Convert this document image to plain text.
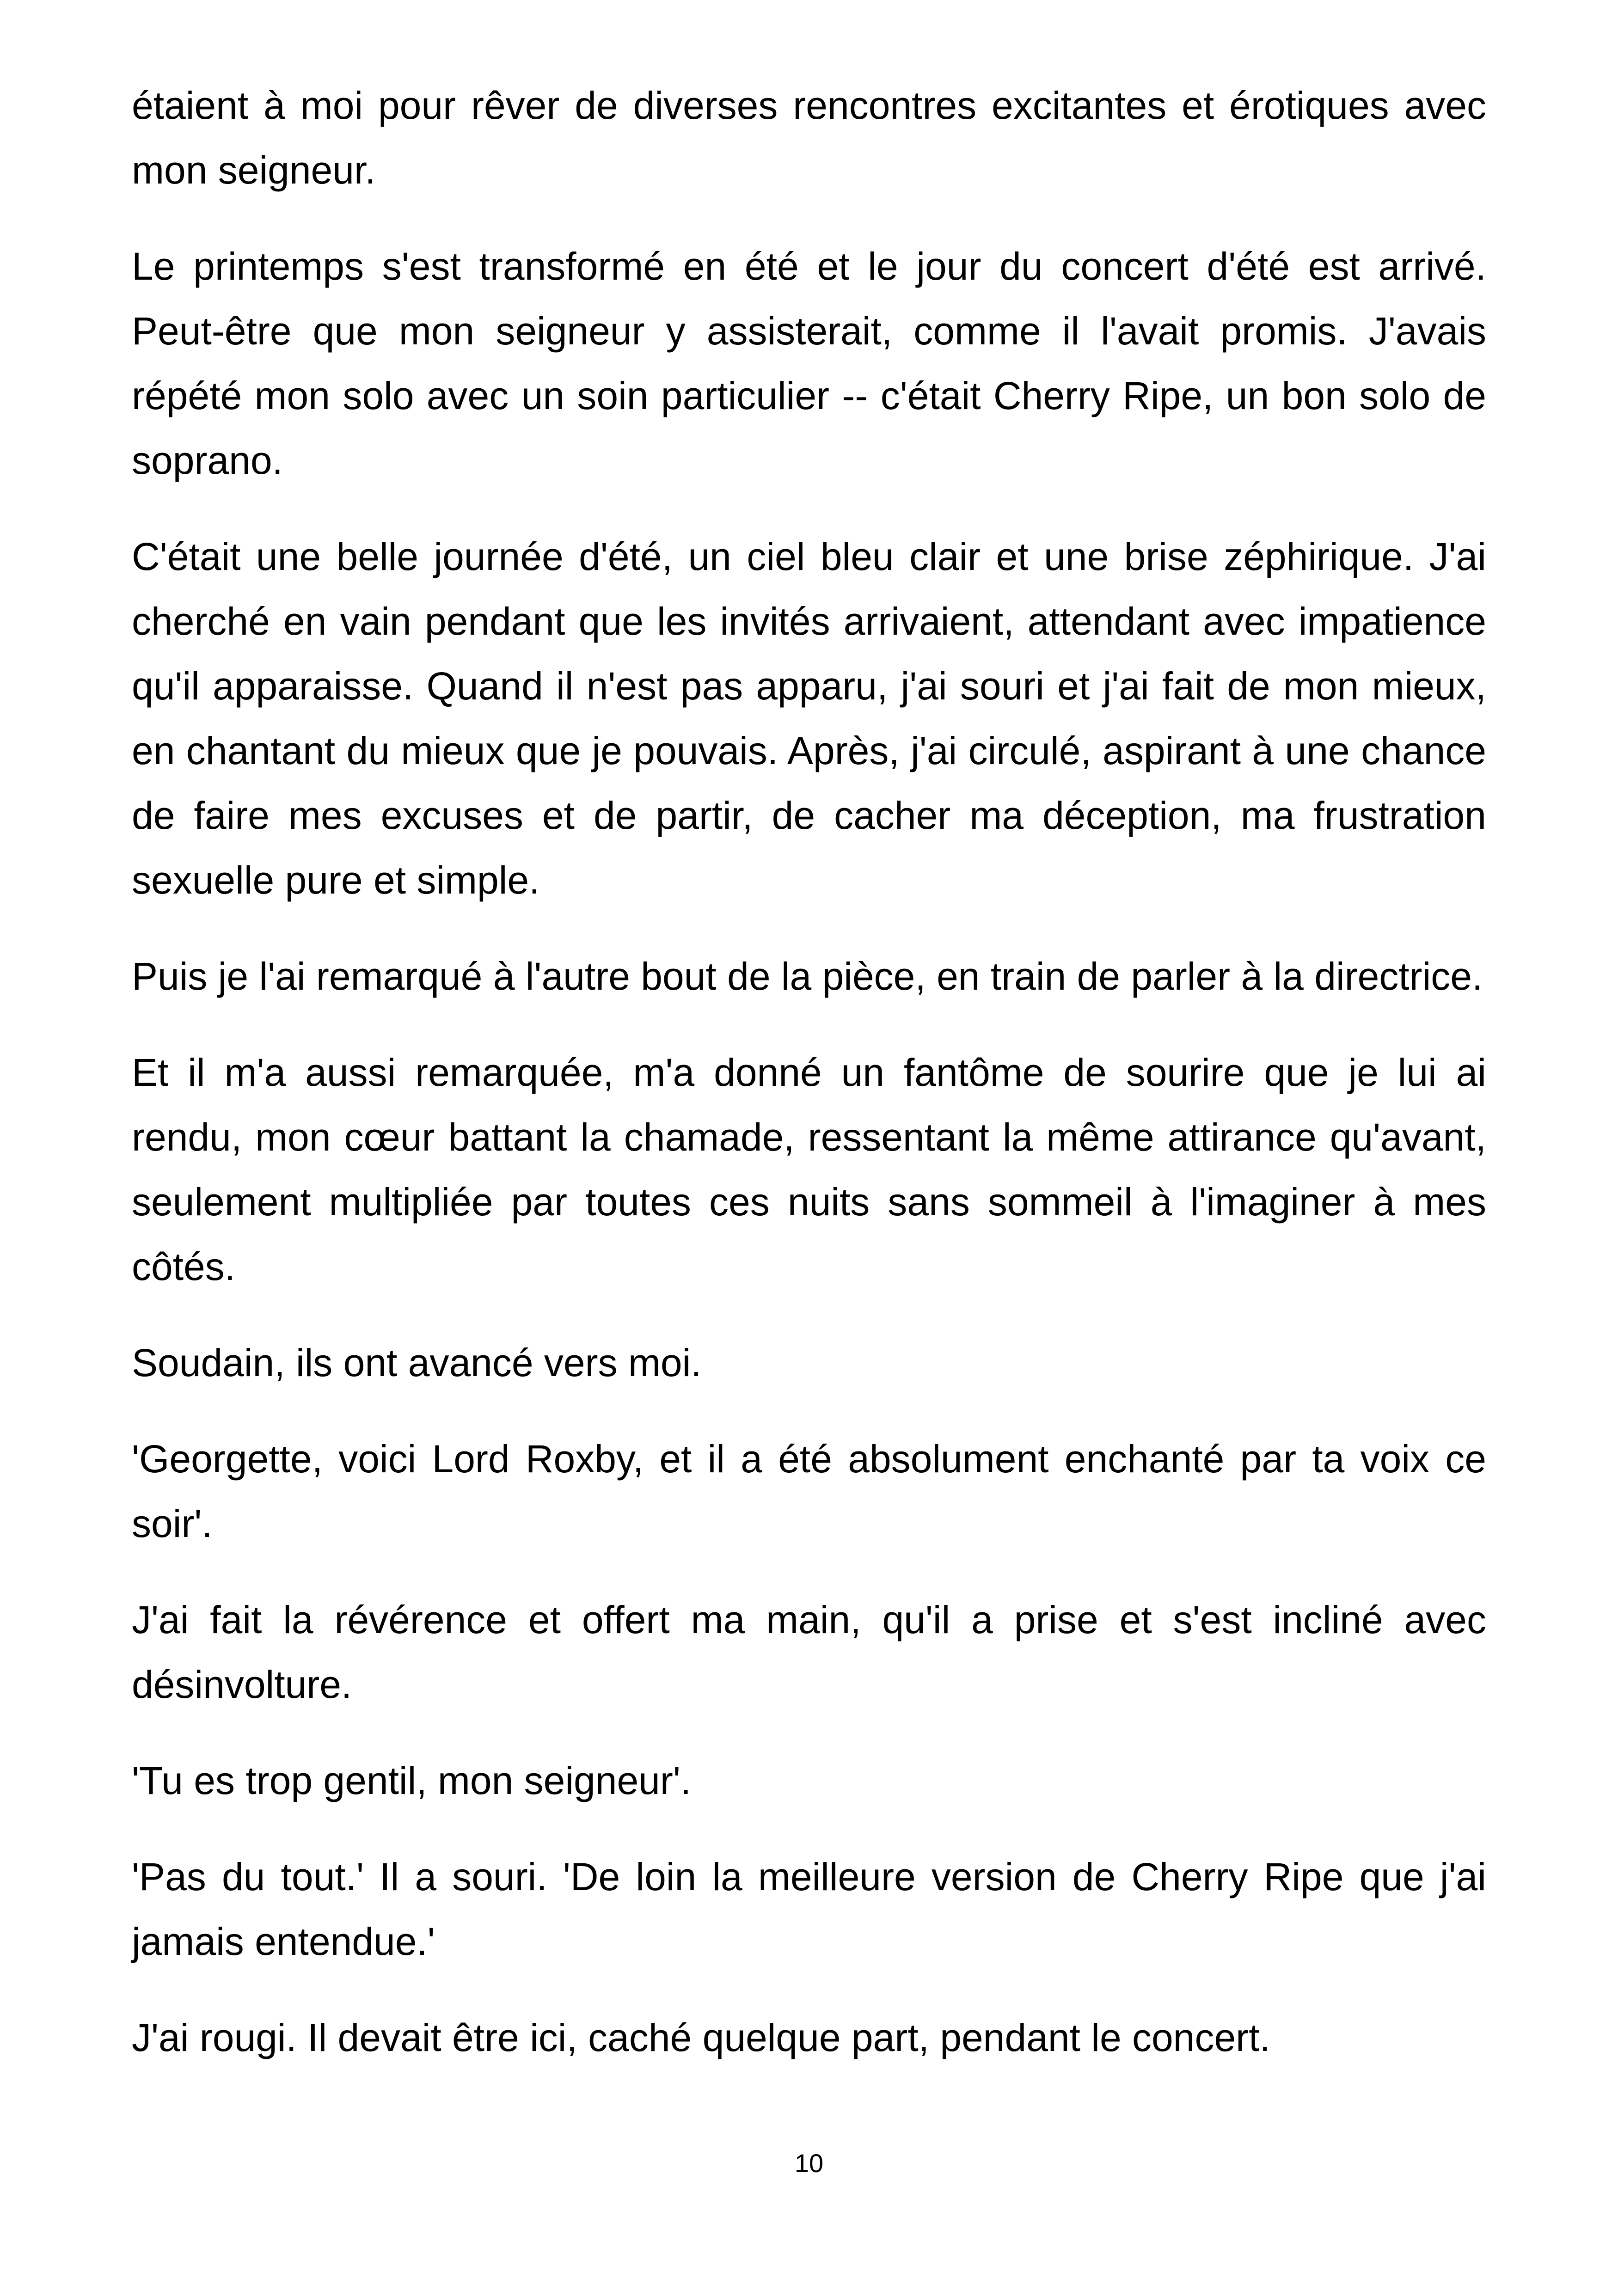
étaient à moi pour rêver de diverses rencontres excitantes et érotiques avec mon seigneur.

Le printemps s'est transformé en été et le jour du concert d'été est arrivé. Peut-être que mon seigneur y assisterait, comme il l'avait promis. J'avais répété mon solo avec un soin particulier -- c'était Cherry Ripe, un bon solo de soprano.

C'était une belle journée d'été, un ciel bleu clair et une brise zéphirique. J'ai cherché en vain pendant que les invités arrivaient, attendant avec impatience qu'il apparaisse. Quand il n'est pas apparu, j'ai souri et j'ai fait de mon mieux, en chantant du mieux que je pouvais. Après, j'ai circulé, aspirant à une chance de faire mes excuses et de partir, de cacher ma déception, ma frustration sexuelle pure et simple.

Puis je l'ai remarqué à l'autre bout de la pièce, en train de parler à la directrice.

Et il m'a aussi remarquée, m'a donné un fantôme de sourire que je lui ai rendu, mon cœur battant la chamade, ressentant la même attirance qu'avant, seulement multipliée par toutes ces nuits sans sommeil à l'imaginer à mes côtés.

Soudain, ils ont avancé vers moi.

'Georgette, voici Lord Roxby, et il a été absolument enchanté par ta voix ce soir'.

J'ai fait la révérence et offert ma main, qu'il a prise et s'est incliné avec désinvolture.

'Tu es trop gentil, mon seigneur'.

'Pas du tout.' Il a souri. 'De loin la meilleure version de Cherry Ripe que j'ai jamais entendue.'

J'ai rougi. Il devait être ici, caché quelque part, pendant le concert.

10
